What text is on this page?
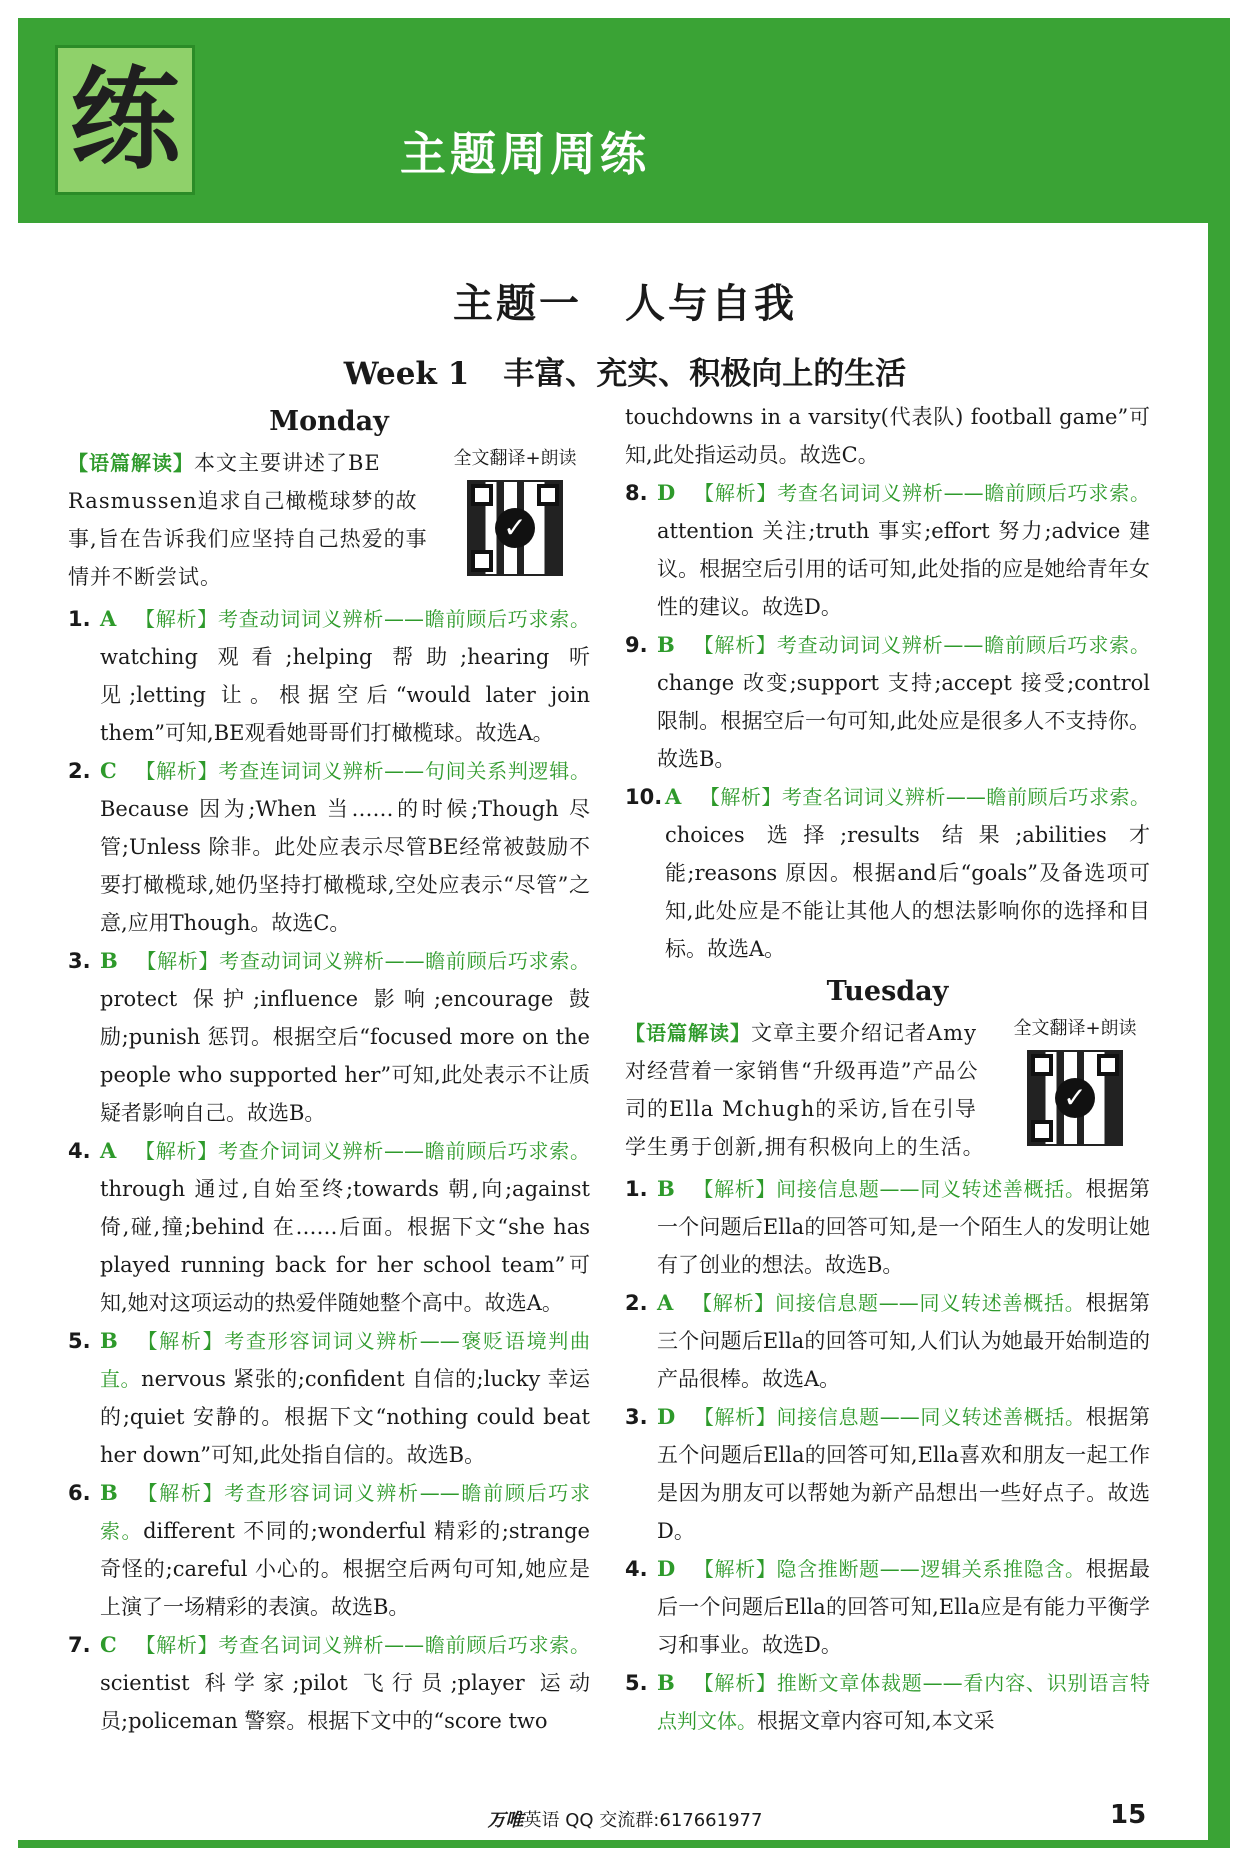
练	主题周周练
主题一　人与自我
Week 1 丰富、充实、积极向上的生活
Monday
【语篇解读】本文主要讲述了BE Rasmussen追求自己橄榄球梦的故事,旨在告诉我们应坚持自己热爱的事情并不断尝试。
全文翻译+朗读
✓
1. A 【解析】考查动词词义辨析——瞻前顾后巧求索。watching 观看;helping 帮助;hearing 听见;letting 让。根据空后“would later join them”可知,BE观看她哥哥们打橄榄球。故选A。
2. C 【解析】考查连词词义辨析——句间关系判逻辑。Because 因为;When 当……的时候;Though 尽管;Unless 除非。此处应表示尽管BE经常被鼓励不要打橄榄球,她仍坚持打橄榄球,空处应表示“尽管”之意,应用Though。故选C。
3. B 【解析】考查动词词义辨析——瞻前顾后巧求索。protect 保护;influence 影响;encourage 鼓励;punish 惩罚。根据空后“focused more on the people who supported her”可知,此处表示不让质疑者影响自己。故选B。
4. A 【解析】考查介词词义辨析——瞻前顾后巧求索。through 通过,自始至终;towards 朝,向;against 倚,碰,撞;behind 在……后面。根据下文“she has played running back for her school team”可知,她对这项运动的热爱伴随她整个高中。故选A。
5. B 【解析】考查形容词词义辨析——褒贬语境判曲直。nervous 紧张的;confident 自信的;lucky 幸运的;quiet 安静的。根据下文“nothing could beat her down”可知,此处指自信的。故选B。
6. B 【解析】考查形容词词义辨析——瞻前顾后巧求索。different 不同的;wonderful 精彩的;strange 奇怪的;careful 小心的。根据空后两句可知,她应是上演了一场精彩的表演。故选B。
7. C 【解析】考查名词词义辨析——瞻前顾后巧求索。scientist 科学家;pilot 飞行员;player 运动员;policeman 警察。根据下文中的“score two
touchdowns in a varsity(代表队) football game”可知,此处指运动员。故选C。
8. D 【解析】考查名词词义辨析——瞻前顾后巧求索。attention 关注;truth 事实;effort 努力;advice 建议。根据空后引用的话可知,此处指的应是她给青年女性的建议。故选D。
9. B 【解析】考查动词词义辨析——瞻前顾后巧求索。change 改变;support 支持;accept 接受;control 限制。根据空后一句可知,此处应是很多人不支持你。故选B。
10. A 【解析】考查名词词义辨析——瞻前顾后巧求索。choices 选择;results 结果;abilities 才能;reasons 原因。根据and后“goals”及备选项可知,此处应是不能让其他人的想法影响你的选择和目标。故选A。
Tuesday
【语篇解读】文章主要介绍记者Amy对经营着一家销售“升级再造”产品公司的Ella Mchugh的采访,旨在引导学生勇于创新,拥有积极向上的生活。
全文翻译+朗读
✓
1. B 【解析】间接信息题——同义转述善概括。根据第一个问题后Ella的回答可知,是一个陌生人的发明让她有了创业的想法。故选B。
2. A 【解析】间接信息题——同义转述善概括。根据第三个问题后Ella的回答可知,人们认为她最开始制造的产品很棒。故选A。
3. D 【解析】间接信息题——同义转述善概括。根据第五个问题后Ella的回答可知,Ella喜欢和朋友一起工作是因为朋友可以帮她为新产品想出一些好点子。故选D。
4. D 【解析】隐含推断题——逻辑关系推隐含。根据最后一个问题后Ella的回答可知,Ella应是有能力平衡学习和事业。故选D。
5. B 【解析】推断文章体裁题——看内容、识别语言特点判文体。根据文章内容可知,本文采
万唯英语 QQ 交流群:617661977	15
